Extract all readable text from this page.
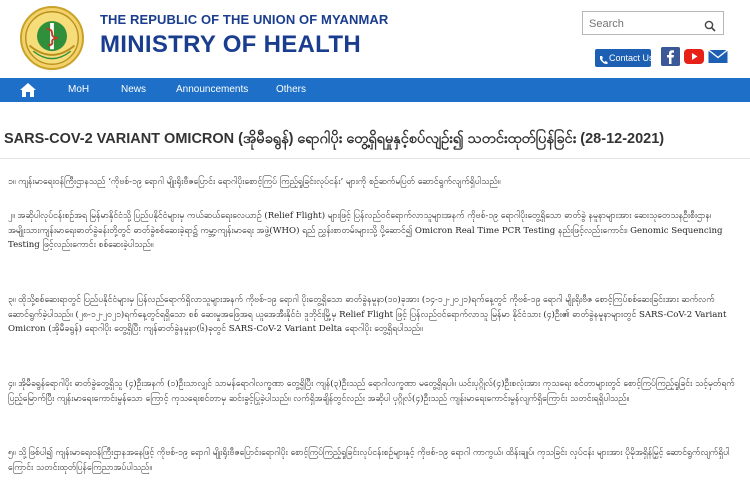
THE REPUBLIC OF THE UNION OF MYANMAR
MINISTRY OF HEALTH
Search	Contact Us
MoH	News	Announcements	Others
SARS-COV-2 VARIANT OMICRON (အိုမီခရွန်) ရောဂါပိုး တွေ့ရှိရမှုနှင့်စပ်လျဉ်း၍ သတင်းထုတ်ပြန်ခြင်း (28-12-2021)
၁။ ကျန်းမာရေးဝန်ကြီးဌာနသည် ‘ကိုဗစ်-၁၉ ရောဂါ မျိုးရိုးဗီဇပြောင်း ရောဂါပိုးစောင့်ကြပ် ကြည့်ရှုခြင်းလုပ်ငန်း’ များကို စဉ်ဆက်မပြတ် ဆောင်ရွက်လျက်ရှိပါသည်။
၂။ အဆိုပါလုပ်ငန်းစဉ်အရ မြန်မာနိုင်ငံသို့ ပြည်ပနိုင်ငံများမှ ကယ်ဆယ်ရေးလေယာဉ် (Relief Flight) များဖြင့် ပြန်လည်ဝင်ရောက်လာသူများအနက် ကိုဗစ်-၁၉ ရောဂါပိုးတွေ့ရှိသော ဓာတ်ခွဲ နမူနာများအား ဆေးသုတေသနဦးစီးဌာန၊ အမျိုးသားကျန်းမာရေးဓာတ်ခွဲခန်းတို့တွင် ဓာတ်ခွဲစစ်ဆေးခဲ့ရာ၌ ကမ္ဘာ့ကျန်းမာရေး အဖွဲ့(WHO) ရည် ညွှန်းစာတမ်းများသို့ ပို့ဆောင်၍ Omicron Real Time PCR Testing နည်းဖြင့်လည်းကောင်း၊ Genomic Sequencing Testing ဖြင့်လည်းကောင်း စစ်ဆေးခဲ့ပါသည်။
၃။ ထိုသို့စစ်ဆေးရာတွင် ပြည်ပနိုင်ငံများမှ ပြန်လည်ရောက်ရှိလာသူများအနက် ကိုဗစ်-၁၉ ရောဂါ ပိုးတွေ့ရှိသော ဓာတ်ခွဲနမူနာ(၁၀)ခုအား (၁၄-၁၂-၂၀၂၁)ရက်နေ့တွင် ကိုဗစ်-၁၉ ရောဂါ မျိုးရိုးဗီဇ စောင့်ကြပ်စစ်ဆေးခြင်းအား ဆက်လက်ဆောင်ရွက်ခဲ့ပါသည်။ (၂၈-၁၂-၂၀၂၁)ရက်နေ့တွင်ရရှိသော စစ် ဆေးမှုအဖြေအရ ယူအေအီးနိုင်ငံ၊ ဒူဘိုင်းမြို့မှ Relief Flight ဖြင့် ပြန်လည်ဝင်ရောက်လာသူ မြန်မာ နိုင်ငံသား (၄)ဦး၏ ဓာတ်ခွဲနမူနာများတွင် SARS-CoV-2 Variant Omicron (အိုမီခရွန်) ရောဂါပိုး တွေ့ရှိပြီး ကျန်ဓာတ်ခွဲနမူနာ(၆)ခုတွင် SARS-CoV-2 Variant Delta ရောဂါပိုး တွေ့ရှိရပါသည်။
၄။ အိုမီခရွန်ရောဂါပိုး ဓာတ်ခွဲတွေ့ရှိသူ (၄)ဦးအနက် (၁)ဦးသာလျှင် သာမန်ရောဂါလက္ခဏာ တွေ့ရှိပြီး ကျန်(၃)ဦးသည် ရောဂါလက္ခဏာ မတွေ့ရှိရပါ။ ယင်းပုဂ္ဂိုလ်(၄)ဦးစလုံးအား ကုသရေး စင်တာများတွင် စောင့်ကြပ်ကြည့်ရှုခြင်း သင့်မှတ်ရက်ပြည့်မြောက်ပြီး ကျန်းမာရေးကောင်းမွန်သော ကြောင့် ကုသရေးစင်တာမှ ဆင်းခွင့်ပြုခဲ့ပါသည်။ လက်ရှိအချိန်တွင်လည်း အဆိုပါ ပုဂ္ဂိုလ်(၄)ဦးသည် ကျန်းမာရေးကောင်းမွန်လျက်ရှိကြောင်း သတင်းရရှိပါသည်။
၅။ သို့ဖြစ်ပါ၍ ကျန်းမာရေးဝန်ကြီးဌာနအနေဖြင့် ကိုဗစ်-၁၉ ရောဂါ မျိုးရိုးဗီဇပြောင်းရောဂါပိုး စောင့်ကြပ်ကြည့်ရှုခြင်းလုပ်ငန်းစဉ်များနှင့် ကိုဗစ်-၁၉ ရောဂါ ကာကွယ်၊ ထိန်းချုပ်၊ ကုသခြင်း လုပ်ငန်း များအား ပိုမိုအရှိန်မြှင့် ဆောင်ရွက်လျက်ရှိပါကြောင်း သတင်းထုတ်ပြန်ကြေညာအပ်ပါသည်။
